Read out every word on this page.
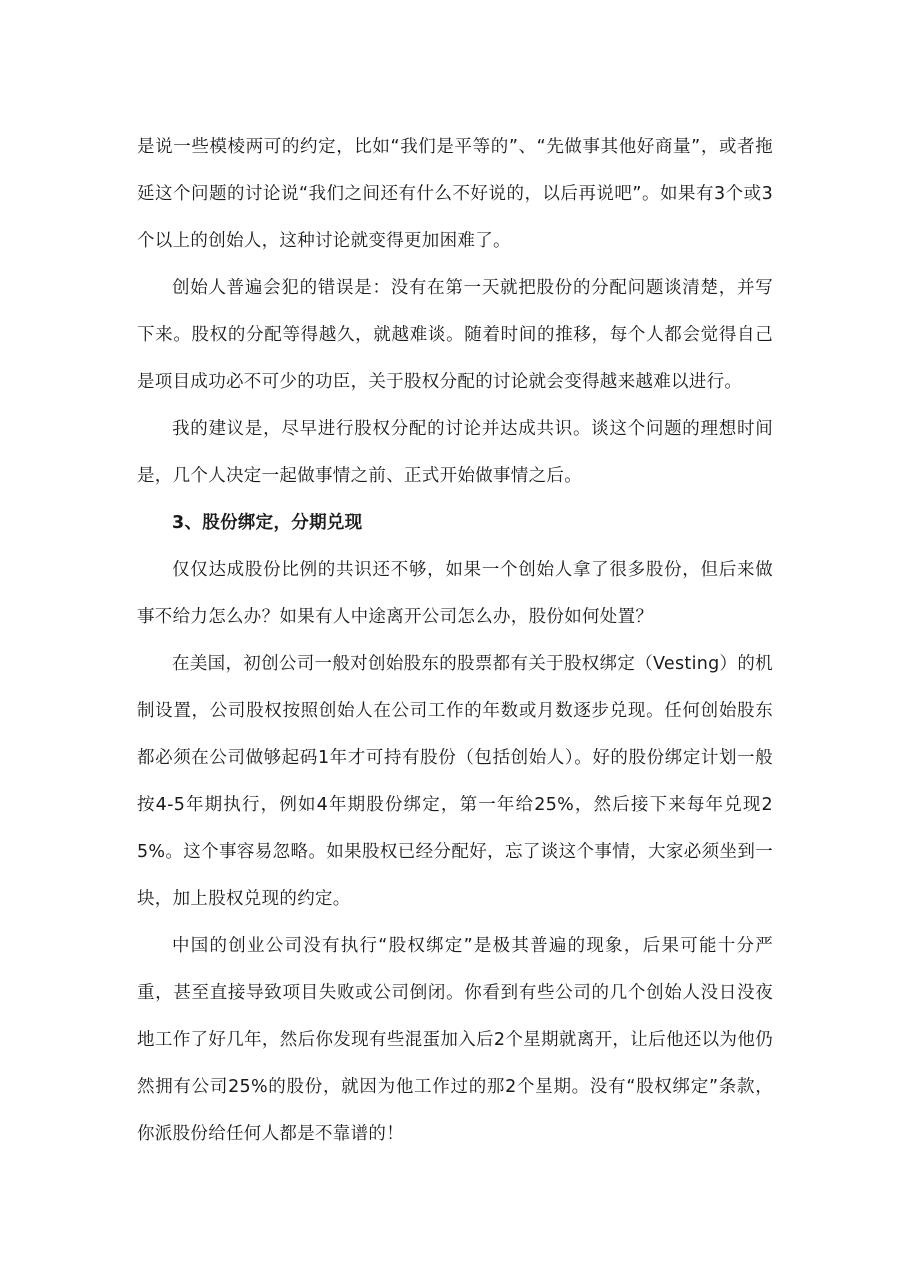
是说一些模棱两可的约定，比如“我们是平等的”、“先做事其他好商量”，或者拖延这个问题的讨论说“我们之间还有什么不好说的，以后再说吧”。如果有3个或3个以上的创始人，这种讨论就变得更加困难了。

创始人普遍会犯的错误是：没有在第一天就把股份的分配问题谈清楚，并写下来。股权的分配等得越久，就越难谈。随着时间的推移，每个人都会觉得自己是项目成功必不可少的功臣，关于股权分配的讨论就会变得越来越难以进行。

我的建议是，尽早进行股权分配的讨论并达成共识。谈这个问题的理想时间是，几个人决定一起做事情之前、正式开始做事情之后。

3、股份绑定，分期兑现

仅仅达成股份比例的共识还不够，如果一个创始人拿了很多股份，但后来做事不给力怎么办？如果有人中途离开公司怎么办，股份如何处置？

在美国，初创公司一般对创始股东的股票都有关于股权绑定（Vesting）的机制设置，公司股权按照创始人在公司工作的年数或月数逐步兑现。任何创始股东都必须在公司做够起码1年才可持有股份（包括创始人）。好的股份绑定计划一般按4-5年期执行，例如4年期股份绑定，第一年给25%，然后接下来每年兑现25%。这个事容易忽略。如果股权已经分配好，忘了谈这个事情，大家必须坐到一块，加上股权兑现的约定。

中国的创业公司没有执行“股权绑定”是极其普遍的现象，后果可能十分严重，甚至直接导致项目失败或公司倒闭。你看到有些公司的几个创始人没日没夜地工作了好几年，然后你发现有些混蛋加入后2个星期就离开，让后他还以为他仍然拥有公司25%的股份，就因为他工作过的那2个星期。没有“股权绑定”条款，你派股份给任何人都是不靠谱的！
